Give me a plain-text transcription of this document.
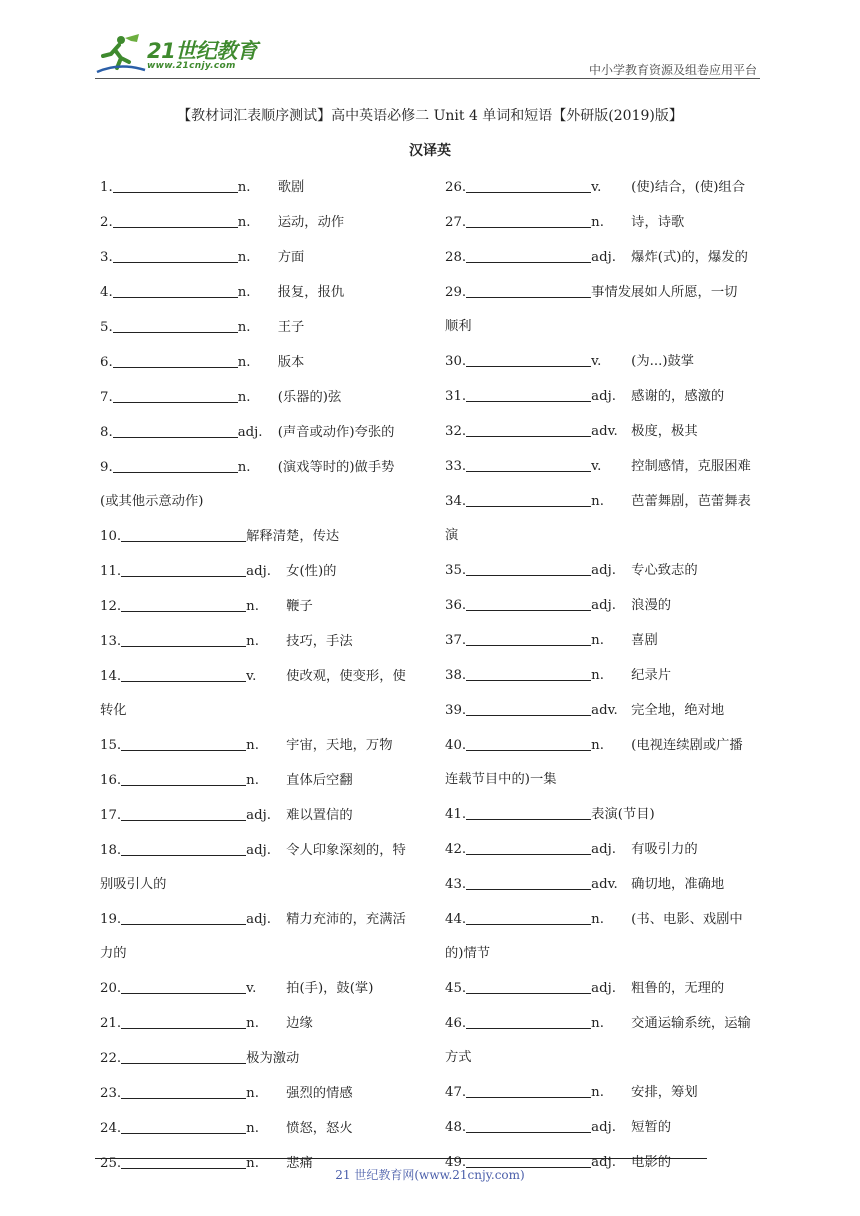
21世纪教育
www.21cnjy.com	中小学教育资源及组卷应用平台
【教材词汇表顺序测试】高中英语必修二 Unit 4 单词和短语【外研版(2019)版】
汉译英
1.	n. 歌剧
2.	n. 运动，动作
3.	n. 方面
4.	n. 报复，报仇
5.	n. 王子
6.	n. 版本
7.	n. (乐器的)弦
8.	adj. (声音或动作)夸张的
9.	n. (演戏等时的)做手势
(或其他示意动作)
10.	解释清楚，传达
11.	adj. 女(性)的
12.	n. 鞭子
13.	n. 技巧，手法
14.	v. 使改观，使变形，使
转化
15.	n. 宇宙，天地，万物
16.	n. 直体后空翻
17.	adj. 难以置信的
18.	adj. 令人印象深刻的，特
别吸引人的
19.	adj. 精力充沛的，充满活
力的
20.	v. 拍(手)，鼓(掌)
21.	n. 边缘
22.	极为激动
23.	n. 强烈的情感
24.	n. 愤怒，怒火
25.	n. 悲痛
26.	v. (使)结合，(使)组合
27.	n. 诗，诗歌
28.	adj. 爆炸(式)的，爆发的
29.	事情发展如人所愿，一切
顺利
30.	v. (为...)鼓掌
31.	adj. 感谢的，感激的
32.	adv. 极度，极其
33.	v. 控制感情，克服困难
34.	n. 芭蕾舞剧，芭蕾舞表
演
35.	adj. 专心致志的
36.	adj. 浪漫的
37.	n. 喜剧
38.	n. 纪录片
39.	adv. 完全地，绝对地
40.	n. (电视连续剧或广播
连载节目中的)一集
41.	表演(节目)
42.	adj. 有吸引力的
43.	adv. 确切地，准确地
44.	n. (书、电影、戏剧中
的)情节
45.	adj. 粗鲁的，无理的
46.	n. 交通运输系统，运输
方式
47.	n. 安排，筹划
48.	adj. 短暂的
49.	adj. 电影的
21 世纪教育网(www.21cnjy.com)
